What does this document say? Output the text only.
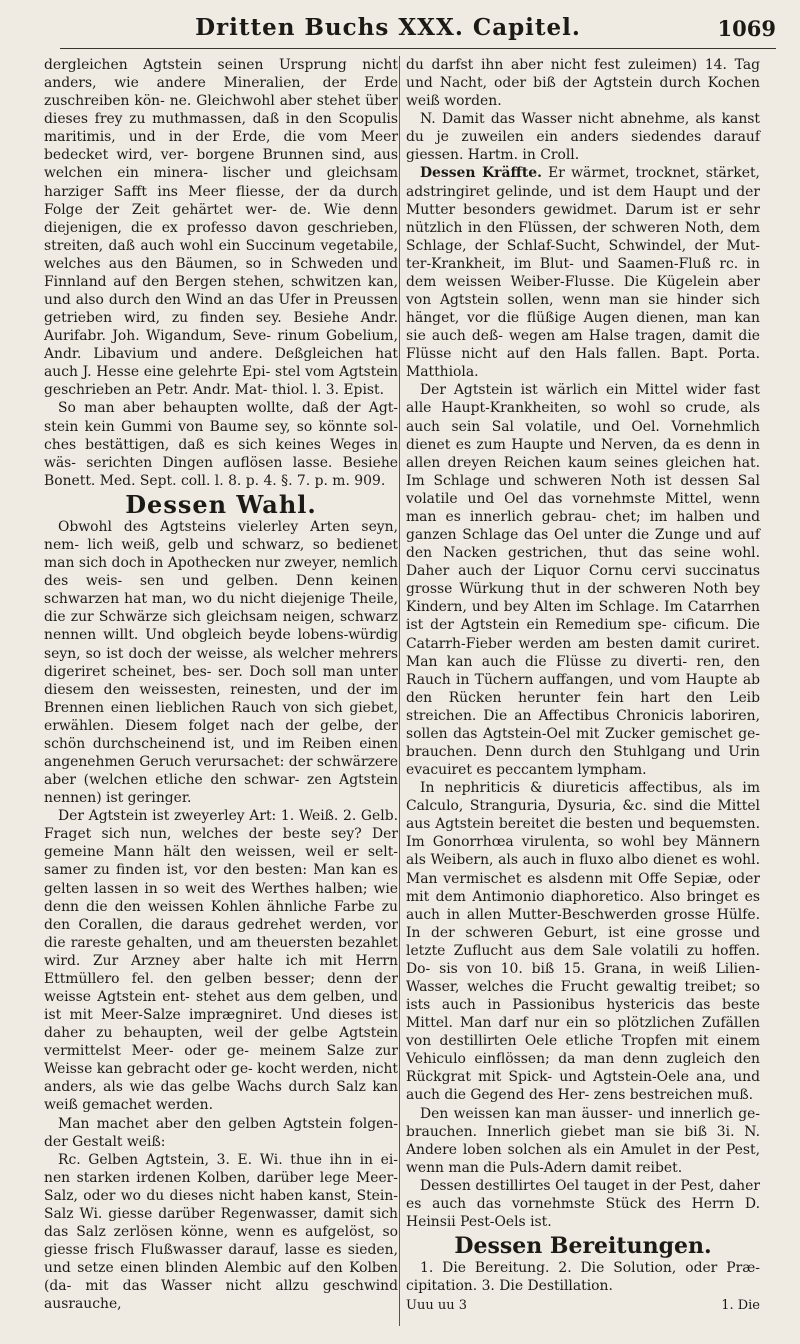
Dritten Buchs XXX. Capitel.	1069

dergleichen Agtstein seinen Ursprung nicht anders, wie andere Mineralien, der Erde zuschreiben kön- ne. Gleichwohl aber stehet über dieses frey zu muthmassen, daß in den Scopulis maritimis, und in der Erde, die vom Meer bedecket wird, ver- borgene Brunnen sind, aus welchen ein minera- lischer und gleichsam harziger Safft ins Meer fliesse, der da durch Folge der Zeit gehärtet wer- de. Wie denn diejenigen, die ex professo davon geschrieben, streiten, daß auch wohl ein Succinum vegetabile, welches aus den Bäumen, so in Schweden und Finnland auf den Bergen stehen, schwitzen kan, und also durch den Wind an das Ufer in Preussen getrieben wird, zu finden sey. Besiehe Andr. Aurifabr. Joh. Wigandum, Seve- rinum Gobelium, Andr. Libavium und andere. Deßgleichen hat auch J. Hesse eine gelehrte Epi- stel vom Agtstein geschrieben an Petr. Andr. Mat- thiol. l. 3. Epist.

So man aber behaupten wollte, daß der Agt- stein kein Gummi von Baume sey, so könnte sol- ches bestättigen, daß es sich keines Weges in wäs- serichten Dingen auflösen lasse. Besiehe Bonett. Med. Sept. coll. l. 8. p. 4. §. 7. p. m. 909.

Dessen Wahl.

Obwohl des Agtsteins vielerley Arten seyn, nem- lich weiß, gelb und schwarz, so bedienet man sich doch in Apothecken nur zweyer, nemlich des weis- sen und gelben. Denn keinen schwarzen hat man, wo du nicht diejenige Theile, die zur Schwärze sich gleichsam neigen, schwarz nennen willt. Und obgleich beyde lobens-würdig seyn, so ist doch der weisse, als welcher mehrers digeriret scheinet, bes- ser. Doch soll man unter diesem den weissesten, reinesten, und der im Brennen einen lieblichen Rauch von sich giebet, erwählen. Diesem folget nach der gelbe, der schön durchscheinend ist, und im Reiben einen angenehmen Geruch verursachet: der schwärzere aber (welchen etliche den schwar- zen Agtstein nennen) ist geringer.

Der Agtstein ist zweyerley Art: 1. Weiß. 2. Gelb. Fraget sich nun, welches der beste sey? Der gemeine Mann hält den weissen, weil er selt- samer zu finden ist, vor den besten: Man kan es gelten lassen in so weit des Werthes halben; wie denn die den weissen Kohlen ähnliche Farbe zu den Corallen, die daraus gedrehet werden, vor die rareste gehalten, und am theuersten bezahlet wird. Zur Arzney aber halte ich mit Herrn Ettmüllero fel. den gelben besser; denn der weisse Agtstein ent- stehet aus dem gelben, und ist mit Meer-Salze imprægniret. Und dieses ist daher zu behaupten, weil der gelbe Agtstein vermittelst Meer- oder ge- meinem Salze zur Weisse kan gebracht oder ge- kocht werden, nicht anders, als wie das gelbe Wachs durch Salz kan weiß gemachet werden.

Man machet aber den gelben Agtstein folgen- der Gestalt weiß:

Rc. Gelben Agtstein, 3. E. Wi. thue ihn in ei- nen starken irdenen Kolben, darüber lege Meer- Salz, oder wo du dieses nicht haben kanst, Stein- Salz Wi. giesse darüber Regenwasser, damit sich das Salz zerlösen könne, wenn es aufgelöst, so giesse frisch Flußwasser darauf, lasse es sieden, und setze einen blinden Alembic auf den Kolben (da- mit das Wasser nicht allzu geschwind ausrauche,

du darfst ihn aber nicht fest zuleimen) 14. Tag und Nacht, oder biß der Agtstein durch Kochen weiß worden.

N. Damit das Wasser nicht abnehme, als kanst du je zuweilen ein anders siedendes darauf giessen. Hartm. in Croll.

Dessen Kräffte. Er wärmet, trocknet, stärket, adstringiret gelinde, und ist dem Haupt und der Mutter besonders gewidmet. Darum ist er sehr nützlich in den Flüssen, der schweren Noth, dem Schlage, der Schlaf-Sucht, Schwindel, der Mut- ter-Krankheit, im Blut- und Saamen-Fluß rc. in dem weissen Weiber-Flusse. Die Kügelein aber von Agtstein sollen, wenn man sie hinder sich hänget, vor die flüßige Augen dienen, man kan sie auch deß- wegen am Halse tragen, damit die Flüsse nicht auf den Hals fallen. Bapt. Porta. Matthiola.

Der Agtstein ist wärlich ein Mittel wider fast alle Haupt-Krankheiten, so wohl so crude, als auch sein Sal volatile, und Oel. Vornehmlich dienet es zum Haupte und Nerven, da es denn in allen dreyen Reichen kaum seines gleichen hat. Im Schlage und schweren Noth ist dessen Sal volatile und Oel das vornehmste Mittel, wenn man es innerlich gebrau- chet; im halben und ganzen Schlage das Oel unter die Zunge und auf den Nacken gestrichen, thut das seine wohl. Daher auch der Liquor Cornu cervi succinatus grosse Würkung thut in der schweren Noth bey Kindern, und bey Alten im Schlage. Im Catarrhen ist der Agtstein ein Remedium spe- cificum. Die Catarrh-Fieber werden am besten damit curiret. Man kan auch die Flüsse zu diverti- ren, den Rauch in Tüchern auffangen, und vom Haupte ab den Rücken herunter fein hart den Leib streichen. Die an Affectibus Chronicis laboriren, sollen das Agtstein-Oel mit Zucker gemischet ge- brauchen. Denn durch den Stuhlgang und Urin evacuiret es peccantem lympham.

In nephriticis & diureticis affectibus, als im Calculo, Stranguria, Dysuria, &c. sind die Mittel aus Agtstein bereitet die besten und bequemsten. Im Gonorrhœa virulenta, so wohl bey Männern als Weibern, als auch in fluxo albo dienet es wohl. Man vermischet es alsdenn mit Offe Sepiæ, oder mit dem Antimonio diaphoretico. Also bringet es auch in allen Mutter-Beschwerden grosse Hülfe. In der schweren Geburt, ist eine grosse und letzte Zuflucht aus dem Sale volatili zu hoffen. Do- sis von 10. biß 15. Grana, in weiß Lilien-Wasser, welches die Frucht gewaltig treibet; so ists auch in Passionibus hystericis das beste Mittel. Man darf nur ein so plötzlichen Zufällen von destillirten Oele etliche Tropfen mit einem Vehiculo einflössen; da man denn zugleich den Rückgrat mit Spick- und Agtstein-Oele ana, und auch die Gegend des Her- zens bestreichen muß.

Den weissen kan man äusser- und innerlich ge- brauchen. Innerlich giebet man sie biß 3i. N. Andere loben solchen als ein Amulet in der Pest, wenn man die Puls-Adern damit reibet.

Dessen destillirtes Oel tauget in der Pest, daher es auch das vornehmste Stück des Herrn D. Heinsii Pest-Oels ist.

Dessen Bereitungen.

1. Die Bereitung. 2. Die Solution, oder Præ- cipitation. 3. Die Destillation.

Uuu uu 3	1. Die
